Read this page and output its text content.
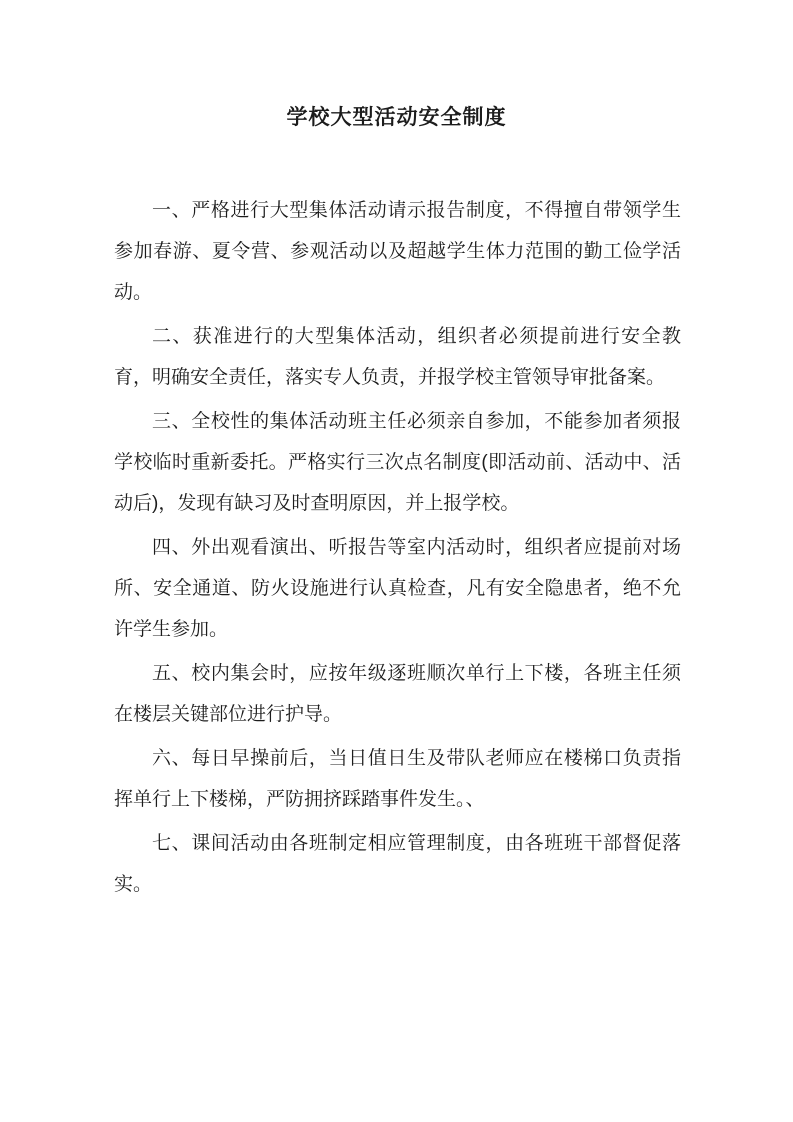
学校大型活动安全制度

一、严格进行大型集体活动请示报告制度，不得擅自带领学生参加春游、夏令营、参观活动以及超越学生体力范围的勤工俭学活动。

二、获准进行的大型集体活动，组织者必须提前进行安全教育，明确安全责任，落实专人负责，并报学校主管领导审批备案。

三、全校性的集体活动班主任必须亲自参加，不能参加者须报学校临时重新委托。严格实行三次点名制度(即活动前、活动中、活动后)，发现有缺习及时查明原因，并上报学校。

四、外出观看演出、听报告等室内活动时，组织者应提前对场所、安全通道、防火设施进行认真检查，凡有安全隐患者，绝不允许学生参加。

五、校内集会时，应按年级逐班顺次单行上下楼，各班主任须在楼层关键部位进行护导。

六、每日早操前后，当日值日生及带队老师应在楼梯口负责指挥单行上下楼梯，严防拥挤踩踏事件发生。、

七、课间活动由各班制定相应管理制度，由各班班干部督促落实。
